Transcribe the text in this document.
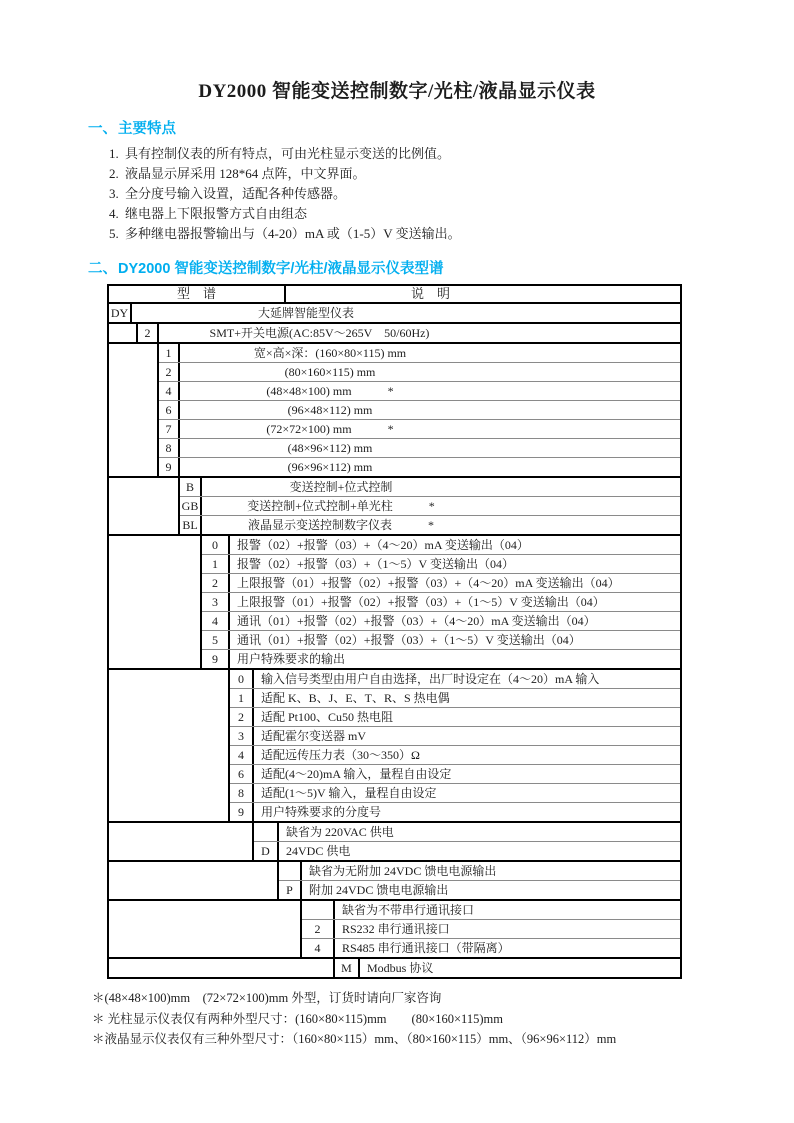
DY2000 智能变送控制数字/光柱/液晶显示仪表
一、主要特点
1. 具有控制仪表的所有特点，可由光柱显示变送的比例值。
2. 液晶显示屏采用 128*64 点阵，中文界面。
3. 全分度号输入设置，适配各种传感器。
4. 继电器上下限报警方式自由组态
5. 多种继电器报警输出与（4-20）mA 或（1-5）V 变送输出。
二、DY2000 智能变送控制数字/光柱/液晶显示仪表型谱
型　谱	说　明
DY	大延牌智能型仪表
2	SMT+开关电源(AC:85V～265V　50/60Hz)
1	宽×高×深：(160×80×115) mm
2	(80×160×115) mm
4	(48×48×100) mm　　　*
6	(96×48×112) mm
7	(72×72×100) mm　　　*
8	(48×96×112) mm
9	(96×96×112) mm
B	变送控制+位式控制
GB	变送控制+位式控制+单光柱　　　*
BL	液晶显示变送控制数字仪表　　　*
0	报警（02）+报警（03）+（4～20）mA 变送输出（04）
1	报警（02）+报警（03）+（1～5）V 变送输出（04）
2	上限报警（01）+报警（02）+报警（03）+（4～20）mA 变送输出（04）
3	上限报警（01）+报警（02）+报警（03）+（1～5）V 变送输出（04）
4	通讯（01）+报警（02）+报警（03）+（4～20）mA 变送输出（04）
5	通讯（01）+报警（02）+报警（03）+（1～5）V 变送输出（04）
9	用户特殊要求的输出
0	输入信号类型由用户自由选择，出厂时设定在（4～20）mA 输入
1	适配 K、B、J、E、T、R、S 热电偶
2	适配 Pt100、Cu50 热电阻
3	适配霍尔变送器 mV
4	适配远传压力表（30～350）Ω
6	适配(4～20)mA 输入，量程自由设定
8	适配(1～5)V 输入，量程自由设定
9	用户特殊要求的分度号
缺省为 220VAC 供电
D	24VDC 供电
缺省为无附加 24VDC 馈电电源输出
P	附加 24VDC 馈电电源输出
缺省为不带串行通讯接口
2	RS232 串行通讯接口
4	RS485 串行通讯接口（带隔离）
M	Modbus 协议
＊(48×48×100)mm　(72×72×100)mm 外型，订货时请向厂家咨询
＊ 光柱显示仪表仅有两种外型尺寸：(160×80×115)mm　　(80×160×115)mm
＊液晶显示仪表仅有三种外型尺寸：（160×80×115）mm、（80×160×115）mm、（96×96×112）mm
